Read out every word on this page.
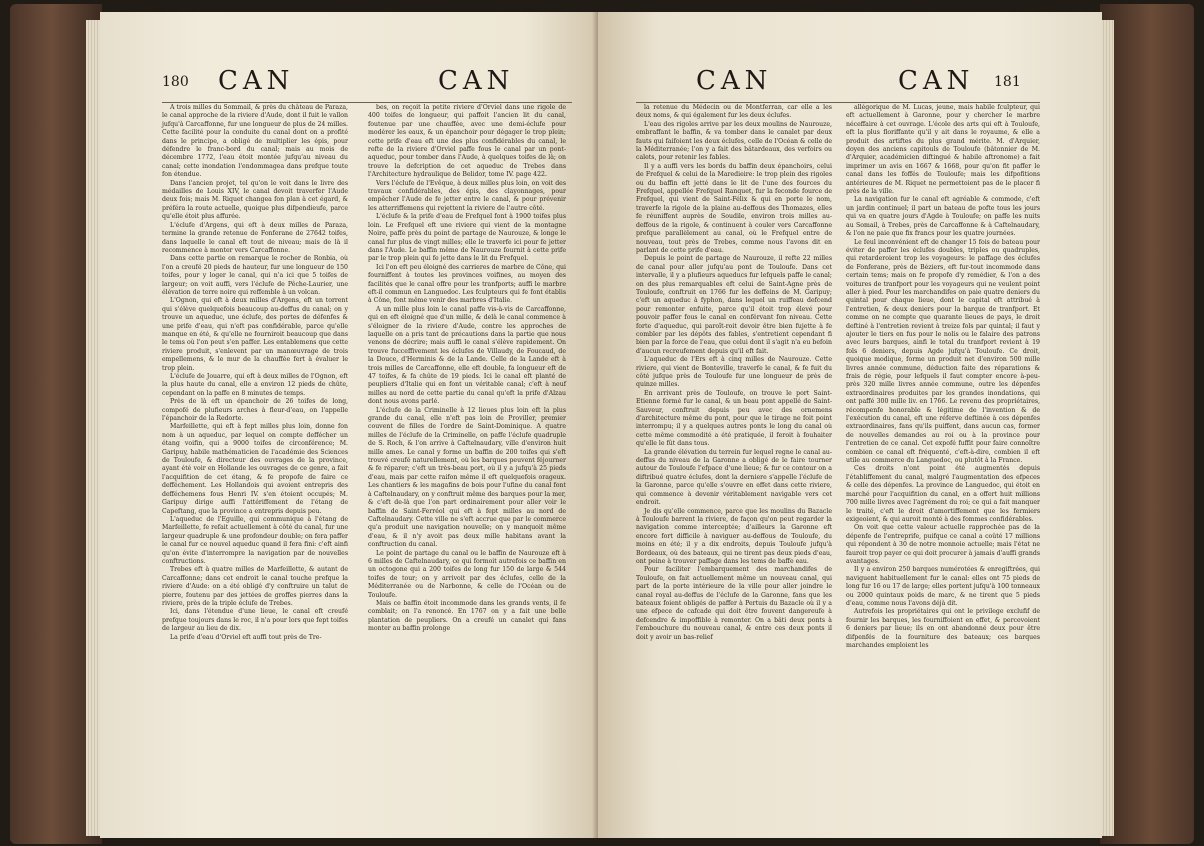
180 CAN	CAN

A trois milles du Sommail, & près du château de Paraza, le canal approche de la riviere d'Aude, dont il fuit le vallon jufqu'à Carcaffonne, fur une longueur de plus de 24 milles. Cette facilité pour la conduite du canal dont on a profité dans le principe, a obligé de multiplier les épis, pour défendre le franc-bord du canal; mais au mois de décembre 1772, l'eau étoit montée jufqu'au niveau du canal; cette inondation l'endommagea dans prefque toute fon étendue.

Dans l'ancien projet, tel qu'on le voit dans le livre des médailles de Louis XIV, le canal devoit traverfer l'Aude deux fois; mais M. Riquet changea fon plan à cet égard, & préféra la route actuelle, quoique plus difpendieufe, parce qu'elle étoit plus affurée.

L'éclufe d'Argens, qui eft à deux milles de Paraza, termine la grande retenue de Fonferane de 27642 toifes, dans laquelle le canal eft tout de niveau; mais de là il recommence à monter vers Carcaffonne.

Dans cette partie on remarque le rocher de Ronbia, où l'on a creufé 20 pieds de hauteur, fur une longueur de 150 toifes, pour y loger le canal, qui n'a ici que 5 toifes de largeur; on voit auffi, vers l'éclufe de Pêche-Laurier, une élévation de terre noire qui reffemble à un volcan.

L'Ognon, qui eft à deux milles d'Argens, eft un torrent qui s'élève quelquefois beaucoup au-deffus du canal; on y trouve un aqueduc, une éclufe, des portes de défenfes & une prife d'eau, qui n'eft pas confidérable, parce qu'elle manque en été, & qu'elle ne fourniroit beaucoup que dans le tems où l'on peut s'en paffer. Les entablemens que cette riviere produit, s'enlevent par un manœuvrage de trois empellemens, & le mur de la chauffée fert à évaluer le trop plein.

L'éclufe de Jouarre, qui eft à deux milles de l'Ognon, eft la plus haute du canal, elle a environ 12 pieds de chûte, cependant on la paffe en 8 minutes de temps.

Près de là eft un épanchoir de 26 toifes de long, compofé de plufieurs arches à fleur-d'eau, on l'appelle l'épanchoir de la Redorte.

Marfeillette, qui eft à fept milles plus loin, donne fon nom à un aqueduc, par lequel on compte deffécher un étang voifin, qui a 9000 toifes de circonférence; M. Garipuy, habile mathématicien de l'académie des Sciences de Touloufe, & directeur des ouvrages de la province, ayant été voir en Hollande les ouvrages de ce genre, a fait l'acquifition de cet étang, & fe propofe de faire ce defféchement. Les Hollandois qui avoient entrepris des defféchemens fous Henri IV. s'en étoient occupés; M. Garipuy dirige auffi l'attériffement de l'étang de Capeftang, que la province a entrepris depuis peu.

L'aqueduc de l'Eguille, qui communique à l'étang de Marfeillette, fe refait actuellement à côté du canal, fur une largeur quadruple & une profondeur double; on fera paffer le canal fur ce nouvel aqueduc quand il fera fini: c'eft ainfi qu'on évite d'interrompre la navigation par de nouvelles conftructions.

Trebes eft à quatre milles de Marfeillette, & autant de Carcaffonne; dans cet endroit le canal touche prefque la riviere d'Aude: on a été obligé d'y conftruire un talut de pierre, foutenu par des jettées de groffes pierres dans la riviere, près de la triple éclufe de Trebes.

Ici, dans l'étendue d'une lieue, le canal eft creufé prefque toujours dans le roc, il n'a pour lors que fept toifes de largeur au lieu de dix.

La prife d'eau d'Orviel eft auffi tout près de Tre-

bes, on reçoit la petite riviere d'Orviel dans une rigole de 400 toifes de longueur, qui paffoit l'ancien lit du canal, foutenue par une chauffée, avec une demi-éclufe pour modérer les eaux, & un épanchoir pour dégager le trop plein; cette prife d'eau eft une des plus confidérables du canal, le refte de la riviere d'Orviel paffe fous le canal par un pont-aqueduc, pour tomber dans l'Aude, à quelques toifes de là; on trouve la defcription de cet aqueduc de Trebes dans l'Architecture hydraulique de Belidor, tome IV. page 422.

Vers l'éclufe de l'Evêque, à deux milles plus loin, on voit des travaux confidérables, des épis, des clayonnages, pour empêcher l'Aude de fe jetter entre le canal, & pour prévenir les atterriffemens qui rejettent la riviere de l'autre côté.

L'éclufe & la prife d'eau de Frefquel font à 1900 toifes plus loin. Le Frefquel eft une riviere qui vient de la montagne Noire, paffe près du point de partage de Naurouze, & longe le canal fur plus de vingt milles; elle le traverfe ici pour fe jetter dans l'Aude. Le baffin même de Naurouze fournit à cette prife par le trop plein qui fe jette dans le lit du Frefquel.

Ici l'on eft peu éloigné des carrieres de marbre de Cône, qui fourniffent à toutes les provinces voifines, au moyen des facilités que le canal offre pour les tranfports; auffi le marbre eft-il commun en Languedoc. Les fculpteurs qui fe font établis à Cône, font même venir des marbres d'Italie.

A un mille plus loin le canal paffe vis-à-vis de Carcaffonne, qui en eft éloigné que d'un mille, & delà le canal commence à s'éloigner de la riviere d'Aude, contre les approches de laquelle on a pris tant de précautions dans la partie que nous venons de décrire; mais auffi le canal s'élève rapidement. On trouve fucceffivement les éclufes de Villaudy, de Foucaud, de la Douce, d'Herminis & de la Lande. Celle de la Lande eft à trois milles de Carcaffonne, elle eft double, fa longueur eft de 47 toifes, & fa chûte de 19 pieds. Ici le canal eft planté de peupliers d'Italie qui en font un véritable canal; c'eft à neuf milles au nord de cette partie du canal qu'eft la prife d'Alzau dont nous avons parlé.

L'éclufe de la Criminelle à 12 lieues plus loin eft la plus grande du canal, elle n'eft pas loin de Proviller, premier couvent de filles de l'ordre de Saint-Dominique. A quatre milles de l'éclufe de la Criminelle, on paffe l'éclufe quadruple de S. Roch, & l'on arrive à Caftelnaudary, ville d'environ huit mille ames. Le canal y forme un baffin de 200 toifes qui s'eft trouvé creufé naturellement, où les barques peuvent féjourner & fe réparer; c'eft un très-beau port, où il y a jufqu'à 25 pieds d'eau, mais par cette raifon même il eft quelquefois orageux. Les chantiers & les magafins de bois pour l'ufine du canal font à Caftelnaudary, on y conftruit même des barques pour la mer, & c'eft de-là que l'on part ordinairement pour aller voir le baffin de Saint-Ferréol qui eft à fept milles au nord de Caftelnaudary. Cette ville ne s'eft accrue que par le commerce qu'a produit une navigation nouvelle; on y manquoit même d'eau, & il n'y avoit pas deux mille habitans avant la conftruction du canal.

Le point de partage du canal ou le baffin de Naurouze eft à 6 milles de Caftelnaudary, ce qui formoit autrefois ce baffin en un octogone qui a 200 toifes de long fur 150 de large & 544 toifes de tour; on y arrivoit par des éclufes, celle de la Méditerranée ou de Narbonne, & celle de l'Océan ou de Touloufe.

Mais ce baffin étoit incommode dans les grands vents, il fe comblait; on l'a renoncé. En 1767 on y a fait une belle plantation de peupliers. On a creufé un canalet qui fans monter au baffin prolonge

CAN	CAN 181

la retenue du Médecin ou de Montferran, car elle a les deux noms, & qui également fur les deux éclufes.

L'eau des rigoles arrive par les deux moulins de Naurouze, embraffant le baffin, & va tomber dans le canalet par deux fauts qui faifoient les deux éclufes, celle de l'Océan & celle de la Méditerranée; l'on y a fait des bâtardeaux, des verfoirs ou calets, pour retenir les fables.

Il y a auffi vers les bords du baffin deux épanchoirs, celui de Frefquel & celui de la Maredieire: le trop plein des rigoles ou du baffin eft jetté dans le lit de l'une des fources du Frefquel, appellée Frefquel Ranquet, fur la feconde fource de Frefquel, qui vient de Saint-Félix & qui en porte le nom, traverfe la rigole de la plaine au-deffous des Thomazes, elles fe réuniffent auprès de Soudile, environ trois milles au-deffous de la rigole, & continuent à couler vers Carcaffonne prefque parallèlement au canal, où le Frefquel entre de nouveau, tout près de Trebes, comme nous l'avons dit en parlant de cette prife d'eau.

Depuis le point de partage de Naurouze, il refte 22 milles de canal pour aller jufqu'au pont de Touloufe. Dans cet intervalle, il y a plufieurs aqueducs fur lefquels paffe le canal; on des plus remarquables eft celui de Saint-Agne près de Touloufe, conftruit en 1766 fur les deffeins de M. Garipuy; c'eft un aqueduc à fyphon, dans lequel un ruiffeau defcend pour remonter enfuite, parce qu'il étoit trop élevé pour pouvoir paffer fous le canal en conférvant fon niveau. Cette forte d'aqueduc, qui paroît-roit devoir être bien fujette à fe combler par les dépôts des fables, s'entretient cependant fi bien par la force de l'eau, que celui dont il s'agit n'a eu befoin d'aucun recreufement depuis qu'il eft fait.

L'aqueduc de l'Ers eft à cinq milles de Naurouze. Cette riviere, qui vient de Bonteville, traverfe le canal, & fe fuit du côté jufque près de Touloufe fur une longueur de près de quinze milles.

En arrivant près de Touloufe, on trouve le port Saint-Etienne formé fur le canal, & un beau pont appellé de Saint-Sauveur, conftruit depuis peu avec des ornemens d'architecture même du pont, pour que le tirage ne foit point interrompu; il y a quelques autres ponts le long du canal où cette même commodité a été pratiquée, il feroit à fouhaiter qu'elle le fût dans tous.

La grande élévation du terrein fur lequel regne le canal au-deffus du niveau de la Garonne a obligé de le faire tourner autour de Touloufe l'efpace d'une lieue; & fur ce contour on a diftribué quatre éclufes, dont la derniere s'appelle l'éclufe de la Garonne, parce qu'elle s'ouvre en effet dans cette riviere, qui commence à devenir véritablement navigable vers cet endroit.

Je dis qu'elle commence, parce que les moulins du Bazacle à Touloufe barrent la riviere, de façon qu'on peut regarder la navigation comme interceptée; d'ailleurs la Garonne eft encore fort difficile à naviguer au-deffous de Touloufe, du moins en été; il y a dix endroits, depuis Touloufe jufqu'à Bordeaux, où des bateaux, qui ne tirent pas deux pieds d'eau, ont peine à trouver paffage dans les tems de baffe eau.

Pour faciliter l'embarquement des marchandifes de Touloufe, on fait actuellement même un nouveau canal, qui part de la porte intérieure de la ville pour aller joindre le canal royal au-deffus de l'éclufe de la Garonne, fans que les bateaux foient obligés de paffer à Pertuis du Bazacle où il y a une efpece de cafcade qui doit être fouvent dangereufe à defcendre & impoffible à remonter. On a bâti deux ponts à l'embouchure du nouveau canal, & entre ces deux ponts il doit y avoir un bas-relief

allégorique de M. Lucas, jeune, mais habile fculpteur, qui eft actuellement à Garonne, pour y chercher le marbre néceffaire à cet ouvrage. L'école des arts qui eft à Touloufe, eft la plus floriffante qu'il y ait dans le royaume, & elle a produit des artiftes du plus grand mérite. M. d'Arquier, doyen des anciens capitouls de Touloufe (bâtonnier de M. d'Arquier, académicien diftingué & habile aftronome) a fait imprimer un avis en 1667 & 1668, pour qu'on fit paffer le canal dans les foffés de Touloufe; mais les difpofitions antérieures de M. Riquet ne permettoient pas de le placer fi près de la ville.

La navigation fur le canal eft agréable & commode, c'eft un jardin continuel; il part un bateau de pofte tous les jours qui va en quatre jours d'Agde à Touloufe; on paffe les nuits au Somail, à Trebes, près de Carcaffonne & à Caftelnaudary, & l'on ne paie que fix francs pour les quatre journées.

Le feul inconvénient eft de changer 15 fois de bateau pour éviter de paffer les éclufes doubles, triples ou quadruples, qui retarderoient trop les voyageurs: le paffage des éclufes de Fonferane, près de Béziers, eft fur-tout incommode dans certain tems; mais on fe propofe d'y remédier, & l'on a des voitures de tranfport pour les voyageurs qui ne veulent point aller à pied. Pour les marchandifes on paie quatre deniers du quintal pour chaque lieue, dont le capital eft attribué à l'entretien, & deux deniers pour la barque de tranfport. Et comme on ne compte que quarante lieues de pays, le droit deftiné à l'entretien revient à treize fols par quintal; il faut y ajouter le tiers en fus pour le nolis ou le falaire des patrons avec leurs barques, ainfi le total du tranfport revient à 19 fols 6 deniers, depuis Agde jufqu'à Touloufe. Ce droit, quoique modique, forme un produit net d'environ 500 mille livres année commune, déduction faite des réparations & frais de régie, pour lefquels il faut compter encore à-peu-près 320 mille livres année commune, outre les dépenfes extraordinaires produites par les grandes inondations, qui ont paffé 300 mille liv. en 1766. Le revenu des propriétaires, récompenfe honorable & légitime de l'invention & de l'exécution du canal, eft une réferve deftinée à ces dépenfes extraordinaires, fans qu'ils puiffent, dans aucun cas, former de nouvelles demandes au roi ou à la province pour l'entretien de ce canal. Cet expofé fuffit pour faire connoître combien ce canal eft fréquenté, c'eft-à-dire, combien il eft utile au commerce du Languedoc, ou plutôt à la France.

Ces droits n'ont point été augmentés depuis l'établiffement du canal, malgré l'augmentation des efpeces & celle des dépenfes. La province de Languedoc, qui étoit en marché pour l'acquifition du canal, en a offert huit millions 700 mille livres avec l'agrément du roi; ce qui a fait manquer le traité, c'eft le droit d'amortiffement que les fermiers exigeoient, & qui auroit monté à des fommes confidérables.

On voit que cette valeur actuelle rapprochée pas de la dépenfe de l'entreprife, puifque ce canal a coûté 17 millions qui répondent à 30 de notre monnoie actuelle; mais l'état ne fauroit trop payer ce qui doit procurer à jamais d'auffi grands avantages.

Il y a environ 250 barques numérotées & enregiftrées, qui naviguent habituellement fur le canal: elles ont 75 pieds de long fur 16 ou 17 de large; elles portent jufqu'à 100 tonneaux ou 2000 quintaux poids de marc, & ne tirent que 5 pieds d'eau, comme nous l'avons déjà dit.

Autrefois les propriétaires qui ont le privilege exclufif de fournir les barques, les fourniffoient en effet, & percevoient 6 deniers par lieue; ils en ont abandonné deux pour être difpenfés de la fourniture des bateaux; ces barques marchandes emploient les
